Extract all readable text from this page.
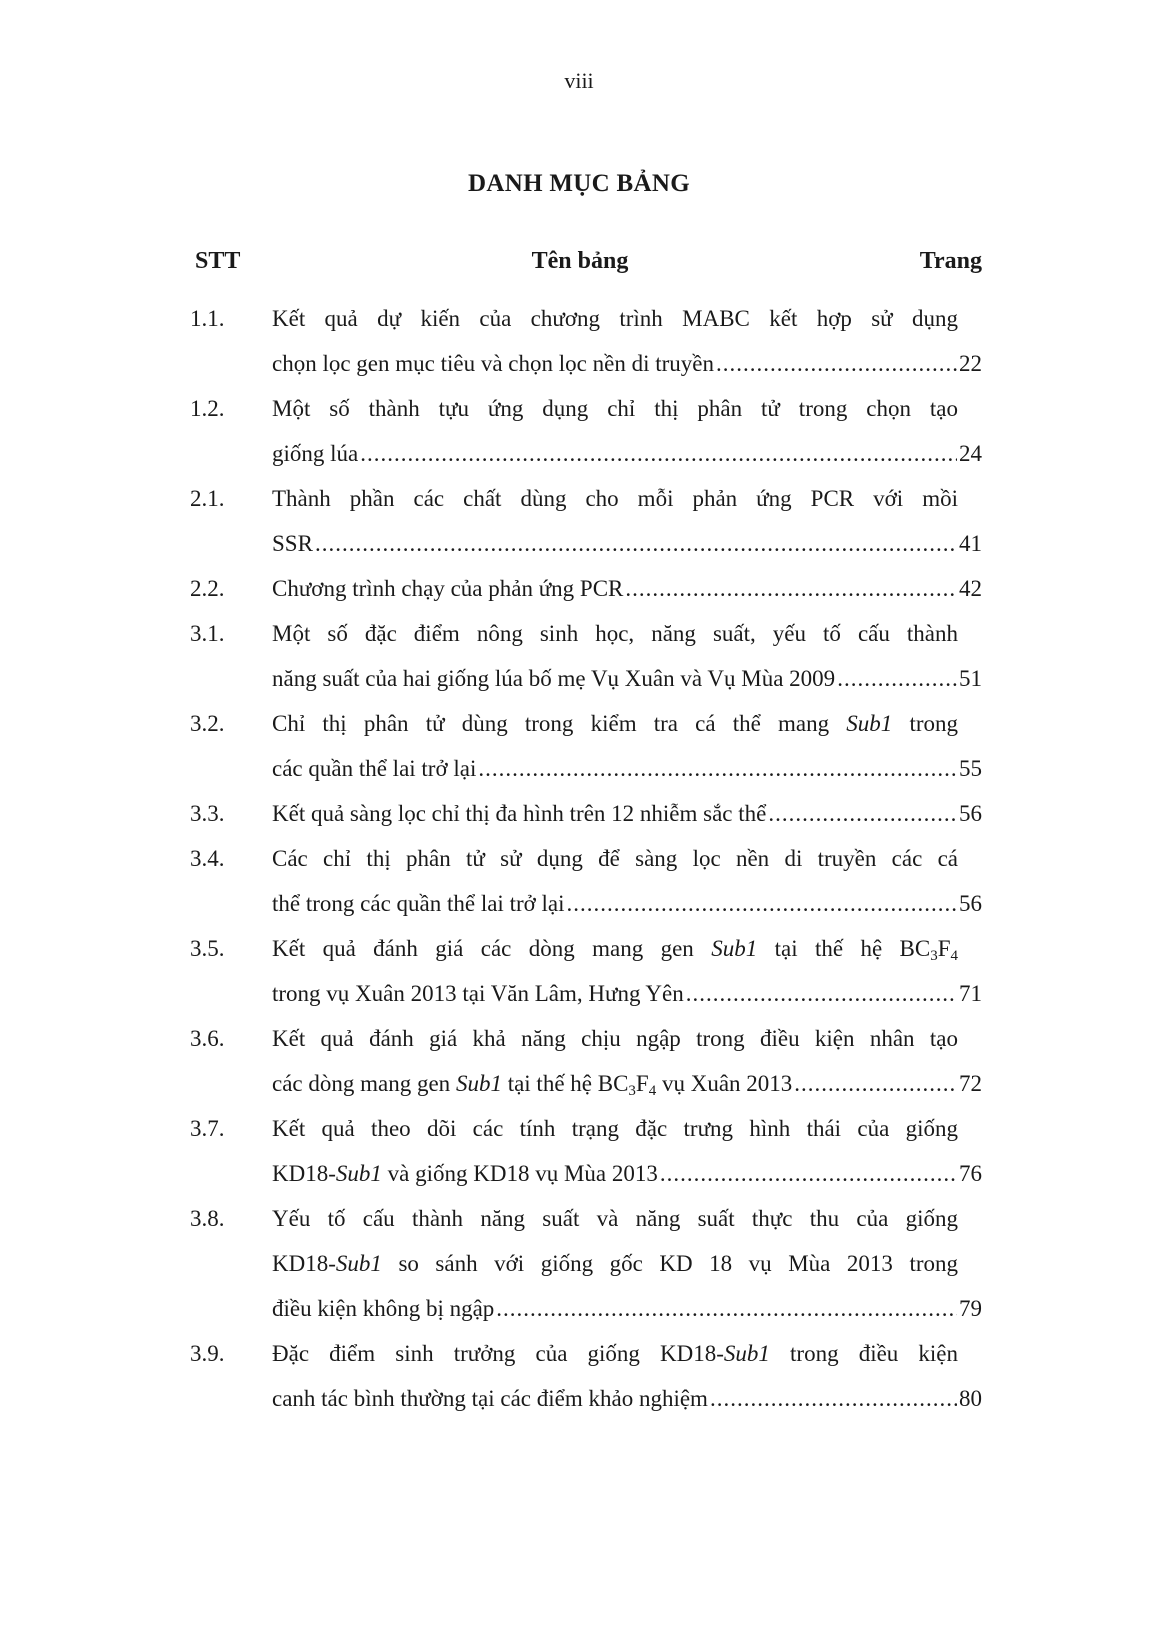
viii
DANH MỤC BẢNG
STT	Tên bảng	Trang
1.1. Kết quả dự kiến của chương trình MABC kết hợp sử dụng
chọn lọc gen mục tiêu và chọn lọc nền di truyền .....	22
1.2. Một số thành tựu ứng dụng chỉ thị phân tử trong chọn tạo
giống lúa .....	24
2.1. Thành phần các chất dùng cho mỗi phản ứng PCR với mồi
SSR .....	41
2.2. Chương trình chạy của phản ứng PCR .....	42
3.1. Một số đặc điểm nông sinh học, năng suất, yếu tố cấu thành
năng suất của hai giống lúa bố mẹ Vụ Xuân và Vụ Mùa 2009 .....	51
3.2. Chỉ thị phân tử dùng trong kiểm tra cá thể mang Sub1 trong
các quần thể lai trở lại .....	55
3.3. Kết quả sàng lọc chỉ thị đa hình trên 12 nhiễm sắc thể .....	56
3.4. Các chỉ thị phân tử sử dụng để sàng lọc nền di truyền các cá
thể trong các quần thể lai trở lại .....	56
3.5. Kết quả đánh giá các dòng mang gen Sub1 tại thế hệ $BC_3F_4$
trong vụ Xuân 2013 tại Văn Lâm, Hưng Yên .....	71
3.6. Kết quả đánh giá khả năng chịu ngập trong điều kiện nhân tạo
các dòng mang gen Sub1 tại thế hệ $BC_3F_4$ vụ Xuân 2013 .....	72
3.7. Kết quả theo dõi các tính trạng đặc trưng hình thái của giống
KD18-Sub1 và giống KD18 vụ Mùa 2013 .....	76
3.8. Yếu tố cấu thành năng suất và năng suất thực thu của giống
KD18-Sub1 so sánh với giống gốc KD 18 vụ Mùa 2013 trong
điều kiện không bị ngập .....	79
3.9. Đặc điểm sinh trưởng của giống KD18-Sub1 trong điều kiện
canh tác bình thường tại các điểm khảo nghiệm .....	80
